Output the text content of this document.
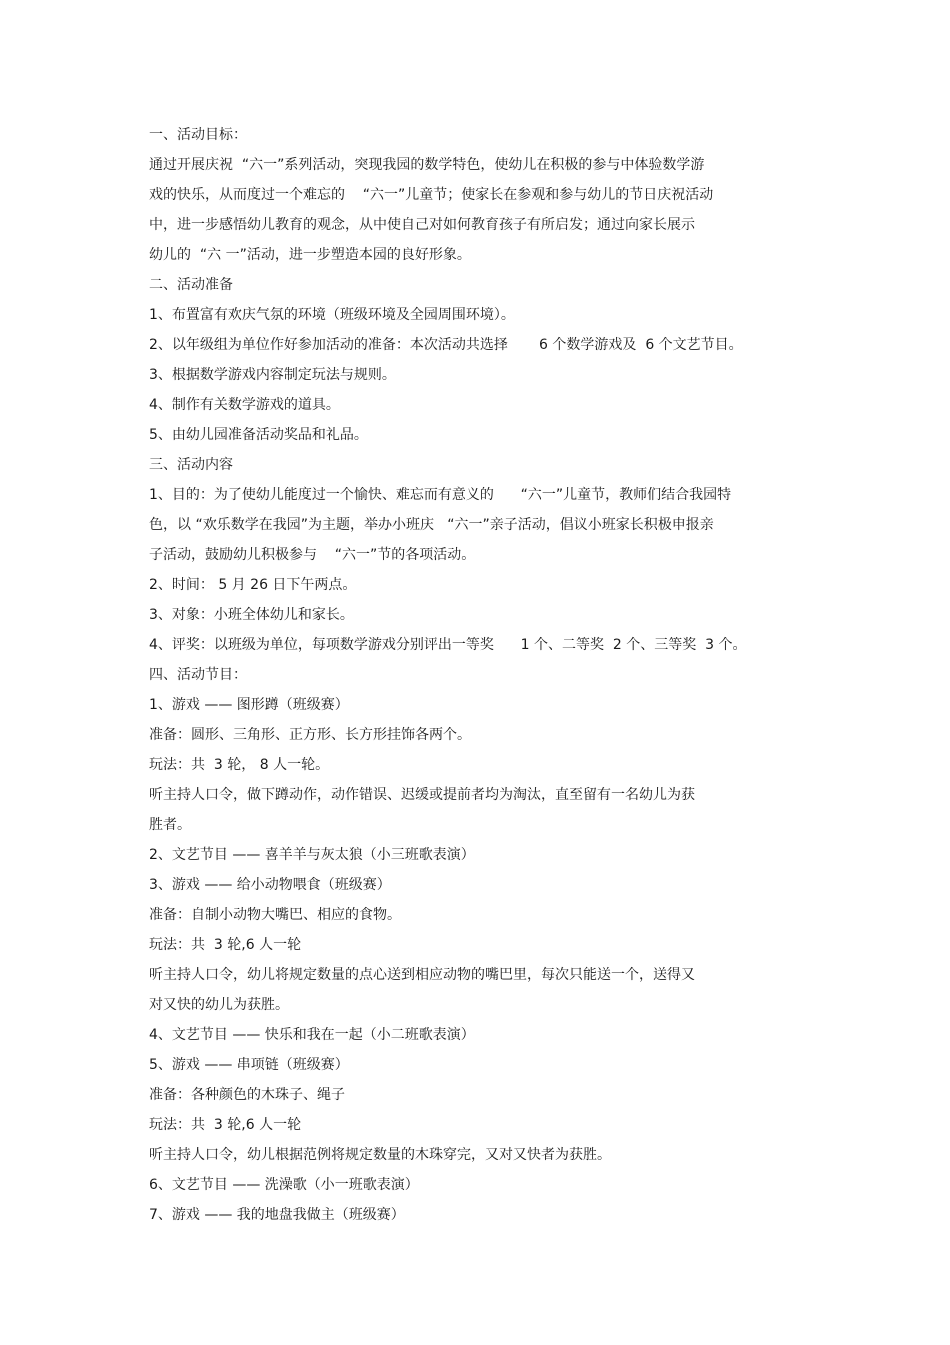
一、活动目标：
通过开展庆祝  “六一”系列活动，突现我园的数学特色，使幼儿在积极的参与中体验数学游
戏的快乐，从而度过一个难忘的    “六一”儿童节；使家长在参观和参与幼儿的节日庆祝活动
中，进一步感悟幼儿教育的观念，从中使自己对如何教育孩子有所启发；通过向家长展示
幼儿的  “六 一”活动，进一步塑造本园的良好形象。
二、活动准备
1、布置富有欢庆气氛的环境（班级环境及全园周围环境）。
2、以年级组为单位作好参加活动的准备：本次活动共选择       6 个数学游戏及  6 个文艺节目。
3、根据数学游戏内容制定玩法与规则。
4、制作有关数学游戏的道具。
5、由幼儿园准备活动奖品和礼品。
三、活动内容
1、目的：为了使幼儿能度过一个愉快、难忘而有意义的      “六一”儿童节，教师们结合我园特
色，以 “欢乐数学在我园”为主题，举办小班庆   “六一”亲子活动，倡议小班家长积极申报亲
子活动，鼓励幼儿积极参与    “六一”节的各项活动。
2、时间： 5 月 26 日下午两点。
3、对象：小班全体幼儿和家长。
4、评奖：以班级为单位，每项数学游戏分别评出一等奖      1 个、二等奖  2 个、三等奖  3 个。
四、活动节目：
1、游戏 —— 图形蹲（班级赛）
准备：圆形、三角形、正方形、长方形挂饰各两个。
玩法：共  3 轮， 8 人一轮。
听主持人口令，做下蹲动作，动作错误、迟缓或提前者均为淘汰，直至留有一名幼儿为获
胜者。
2、文艺节目 —— 喜羊羊与灰太狼（小三班歌表演）
3、游戏 —— 给小动物喂食（班级赛）
准备：自制小动物大嘴巴、相应的食物。
玩法：共  3 轮,6 人一轮
听主持人口令，幼儿将规定数量的点心送到相应动物的嘴巴里，每次只能送一个，送得又
对又快的幼儿为获胜。
4、文艺节目 —— 快乐和我在一起（小二班歌表演）
5、游戏 —— 串项链（班级赛）
准备：各种颜色的木珠子、绳子
玩法：共  3 轮,6 人一轮
听主持人口令，幼儿根据范例将规定数量的木珠穿完，又对又快者为获胜。
6、文艺节目 —— 洗澡歌（小一班歌表演）
7、游戏 —— 我的地盘我做主（班级赛）
